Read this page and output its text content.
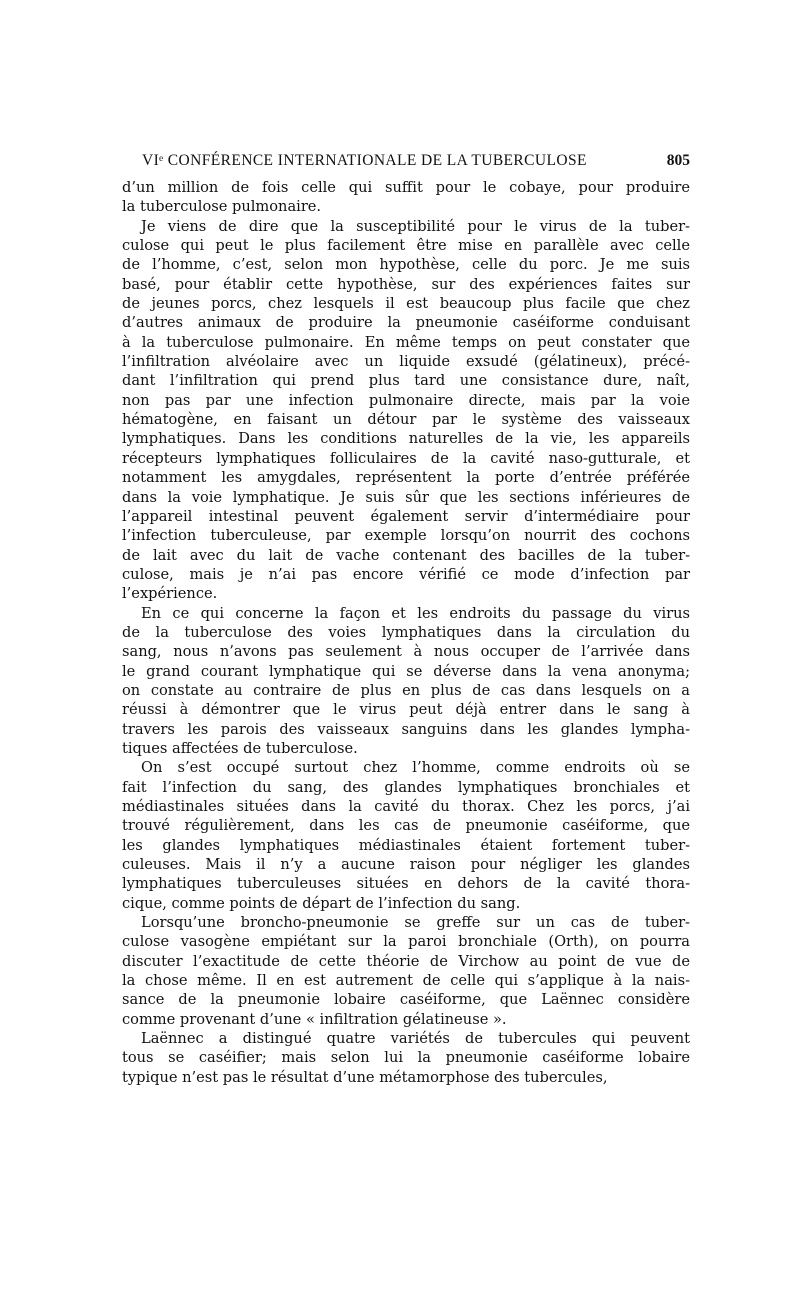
VIᵉ CONFÉRENCE INTERNATIONALE DE LA TUBERCULOSE	805

d’un million de fois celle qui suffit pour le cobaye, pour produire
la tuberculose pulmonaire.

Je viens de dire que la susceptibilité pour le virus de la tuber-
culose qui peut le plus facilement être mise en parallèle avec celle
de l’homme, c’est, selon mon hypothèse, celle du porc. Je me suis
basé, pour établir cette hypothèse, sur des expériences faites sur
de jeunes porcs, chez lesquels il est beaucoup plus facile que chez
d’autres animaux de produire la pneumonie caséiforme conduisant
à la tuberculose pulmonaire. En même temps on peut constater que
l’infiltration alvéolaire avec un liquide exsudé (gélatineux), précé-
dant l’infiltration qui prend plus tard une consistance dure, naît,
non pas par une infection pulmonaire directe, mais par la voie
hématogène, en faisant un détour par le système des vaisseaux
lymphatiques. Dans les conditions naturelles de la vie, les appareils
récepteurs lymphatiques folliculaires de la cavité naso-gutturale, et
notamment les amygdales, représentent la porte d’entrée préférée
dans la voie lymphatique. Je suis sûr que les sections inférieures de
l’appareil intestinal peuvent également servir d’intermédiaire pour
l’infection tuberculeuse, par exemple lorsqu’on nourrit des cochons
de lait avec du lait de vache contenant des bacilles de la tuber-
culose, mais je n’ai pas encore vérifié ce mode d’infection par
l’expérience.

En ce qui concerne la façon et les endroits du passage du virus
de la tuberculose des voies lymphatiques dans la circulation du
sang, nous n’avons pas seulement à nous occuper de l’arrivée dans
le grand courant lymphatique qui se déverse dans la vena anonyma;
on constate au contraire de plus en plus de cas dans lesquels on a
réussi à démontrer que le virus peut déjà entrer dans le sang à
travers les parois des vaisseaux sanguins dans les glandes lympha-
tiques affectées de tuberculose.

On s’est occupé surtout chez l’homme, comme endroits où se
fait l’infection du sang, des glandes lymphatiques bronchiales et
médiastinales situées dans la cavité du thorax. Chez les porcs, j’ai
trouvé régulièrement, dans les cas de pneumonie caséiforme, que
les glandes lymphatiques médiastinales étaient fortement tuber-
culeuses. Mais il n’y a aucune raison pour négliger les glandes
lymphatiques tuberculeuses situées en dehors de la cavité thora-
cique, comme points de départ de l’infection du sang.

Lorsqu’une broncho-pneumonie se greffe sur un cas de tuber-
culose vasogène empiétant sur la paroi bronchiale (Orth), on pourra
discuter l’exactitude de cette théorie de Virchow au point de vue de
la chose même. Il en est autrement de celle qui s’applique à la nais-
sance de la pneumonie lobaire caséiforme, que Laënnec considère
comme provenant d’une « infiltration gélatineuse ».

Laënnec a distingué quatre variétés de tubercules qui peuvent
tous se caséifier; mais selon lui la pneumonie caséiforme lobaire
typique n’est pas le résultat d’une métamorphose des tubercules,
